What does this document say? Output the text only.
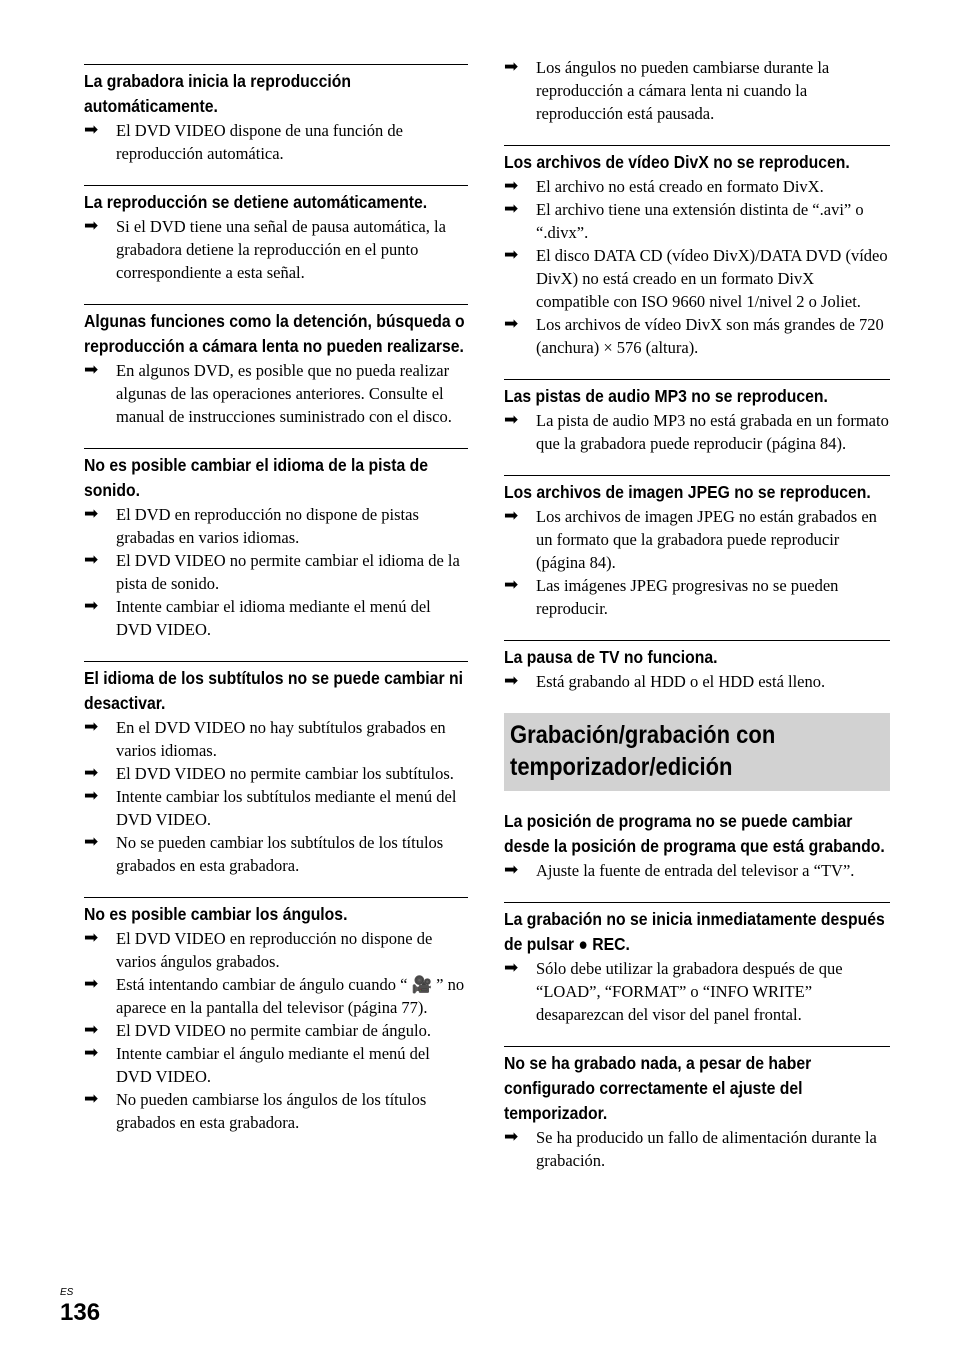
La grabadora inicia la reproducción automáticamente.

➡	El DVD VIDEO dispone de una función de reproducción automática.

La reproducción se detiene automáticamente.

➡	Si el DVD tiene una señal de pausa automática, la grabadora detiene la reproducción en el punto correspondiente a esta señal.

Algunas funciones como la detención, búsqueda o reproducción a cámara lenta no pueden realizarse.

➡	En algunos DVD, es posible que no pueda realizar algunas de las operaciones anteriores. Consulte el manual de instrucciones suministrado con el disco.

No es posible cambiar el idioma de la pista de sonido.

➡	El DVD en reproducción no dispone de pistas grabadas en varios idiomas.
➡	El DVD VIDEO no permite cambiar el idioma de la pista de sonido.
➡	Intente cambiar el idioma mediante el menú del DVD VIDEO.

El idioma de los subtítulos no se puede cambiar ni desactivar.

➡	En el DVD VIDEO no hay subtítulos grabados en varios idiomas.
➡	El DVD VIDEO no permite cambiar los subtítulos.
➡	Intente cambiar los subtítulos mediante el menú del DVD VIDEO.
➡	No se pueden cambiar los subtítulos de los títulos grabados en esta grabadora.

No es posible cambiar los ángulos.

➡	El DVD VIDEO en reproducción no dispone de varios ángulos grabados.
➡	Está intentando cambiar de ángulo cuando “ 🎥 ” no aparece en la pantalla del televisor (página 77).
➡	El DVD VIDEO no permite cambiar de ángulo.
➡	Intente cambiar el ángulo mediante el menú del DVD VIDEO.
➡	No pueden cambiarse los ángulos de los títulos grabados en esta grabadora.
➡	Los ángulos no pueden cambiarse durante la reproducción a cámara lenta ni cuando la reproducción está pausada.

Los archivos de vídeo DivX no se reproducen.

➡	El archivo no está creado en formato DivX.
➡	El archivo tiene una extensión distinta de “.avi” o “.divx”.
➡	El disco DATA CD (vídeo DivX)/DATA DVD (vídeo DivX) no está creado en un formato DivX compatible con ISO 9660 nivel 1/nivel 2 o Joliet.
➡	Los archivos de vídeo DivX son más grandes de 720 (anchura) × 576 (altura).

Las pistas de audio MP3 no se reproducen.

➡	La pista de audio MP3 no está grabada en un formato que la grabadora puede reproducir (página 84).

Los archivos de imagen JPEG no se reproducen.

➡	Los archivos de imagen JPEG no están grabados en un formato que la grabadora puede reproducir (página 84).
➡	Las imágenes JPEG progresivas no se pueden reproducir.

La pausa de TV no funciona.

➡	Está grabando al HDD o el HDD está lleno.

Grabación/grabación con temporizador/edición

La posición de programa no se puede cambiar desde la posición de programa que está grabando.

➡	Ajuste la fuente de entrada del televisor a “TV”.

La grabación no se inicia inmediatamente después de pulsar ● REC.

➡	Sólo debe utilizar la grabadora después de que “LOAD”, “FORMAT” o “INFO WRITE” desaparezcan del visor del panel frontal.

No se ha grabado nada, a pesar de haber configurado correctamente el ajuste del temporizador.

➡	Se ha producido un fallo de alimentación durante la grabación.
ES
136
